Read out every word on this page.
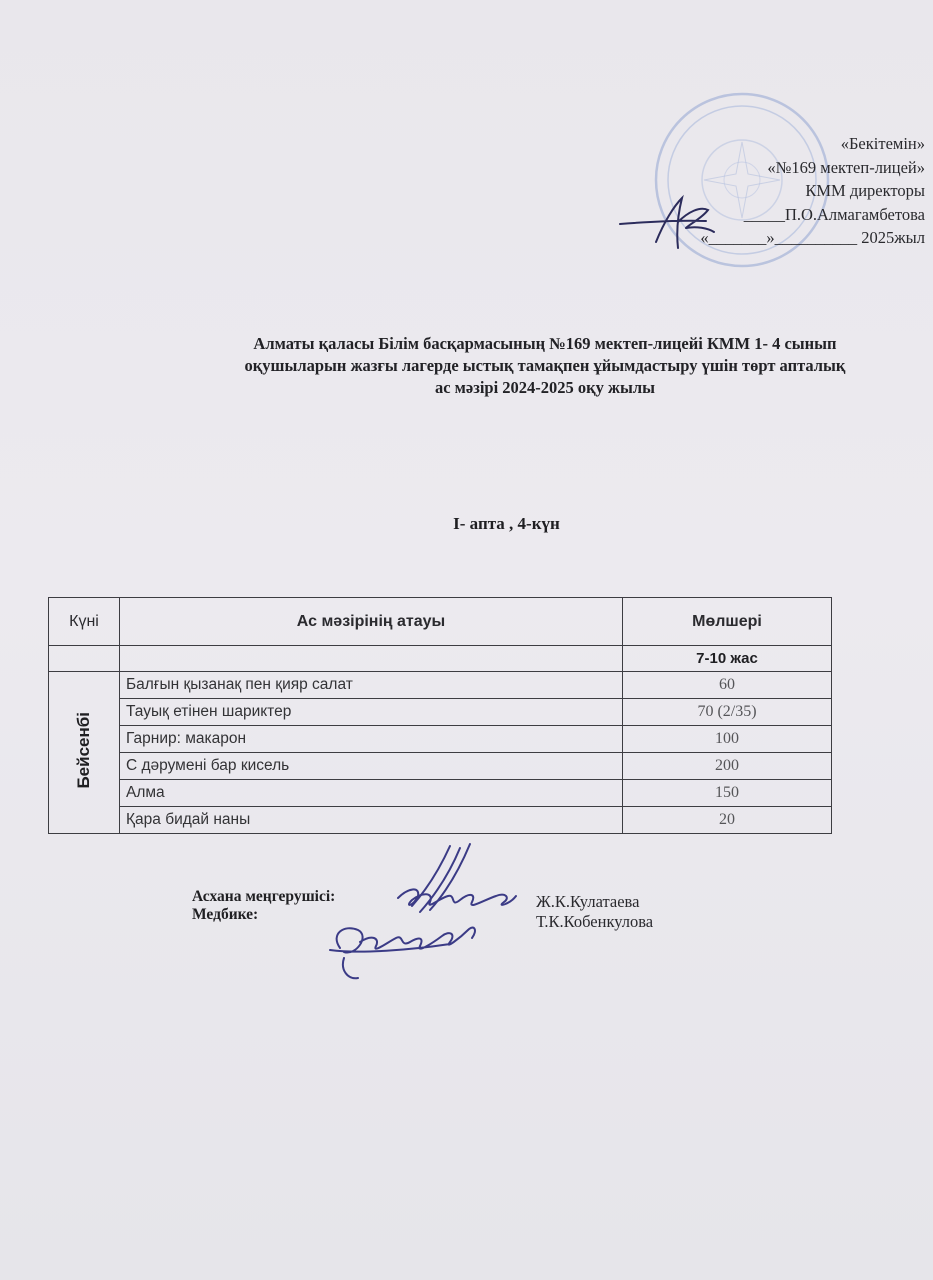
«Бекітемін»
«№169 мектеп-лицей»
КММ директоры
_____П.О.Алмагамбетова
«_______»__________ 2025жыл
Алматы қаласы Білім басқармасының №169 мектеп-лицейі КММ 1- 4 сынып
оқушыларын жазғы лагерде ыстық тамақпен ұйымдастыру үшін төрт апталық
ас мәзірі 2024-2025 оқу жылы
I- апта , 4-күн
Күні	Ас мәзірінің атауы	Мөлшері
		7-10 жас
Бейсенбі	Балғын қызанақ пен қияр салат	60
	Тауық етінен шариктер	70 (2/35)
	Гарнир: макарон	100
	С дәрумені бар кисель	200
	Алма	150
	Қара бидай наны	20
Асхана меңгерушісі:
Медбике:
Ж.К.Кулатаева
Т.К.Кобенкулова
